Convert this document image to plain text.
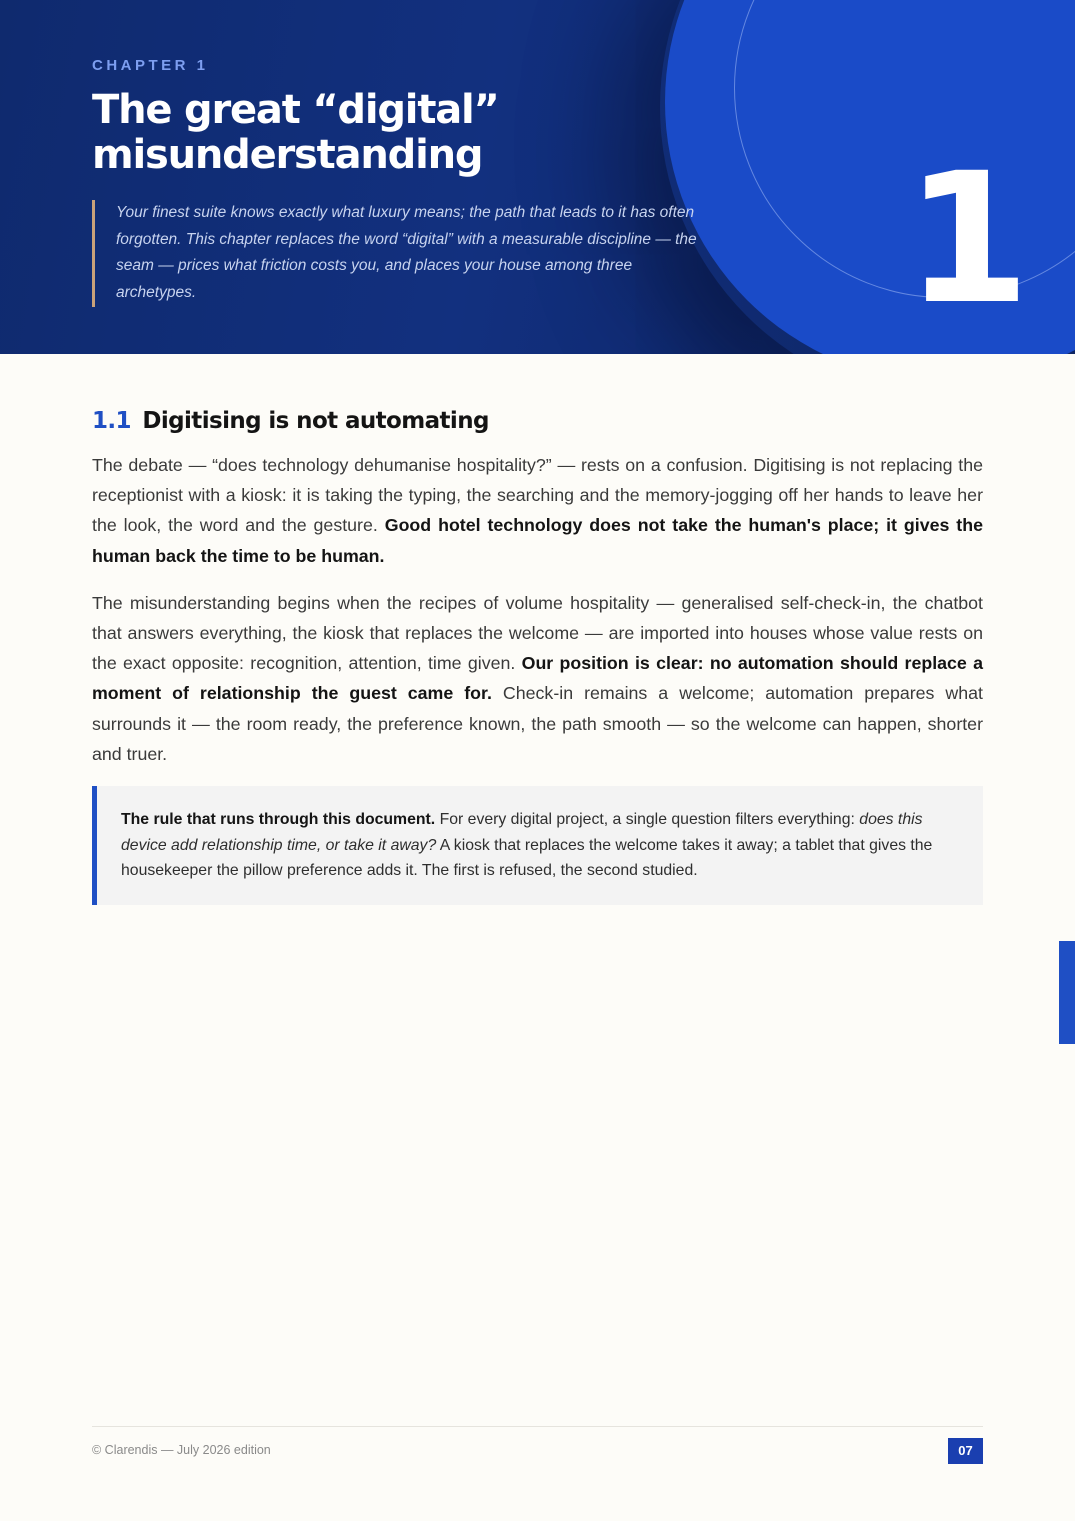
CHAPTER 1
The great “digital” misunderstanding

Your finest suite knows exactly what luxury means; the path that leads to it has often forgotten. This chapter replaces the word “digital” with a measurable discipline — the seam — prices what friction costs you, and places your house among three archetypes.	1
1.1 Digitising is not automating

The debate — “does technology dehumanise hospitality?” — rests on a confusion. Digitising is not replacing the receptionist with a kiosk: it is taking the typing, the searching and the memory-jogging off her hands to leave her the look, the word and the gesture. Good hotel technology does not take the human's place; it gives the human back the time to be human.

The misunderstanding begins when the recipes of volume hospitality — generalised self-check-in, the chatbot that answers everything, the kiosk that replaces the welcome — are imported into houses whose value rests on the exact opposite: recognition, attention, time given. Our position is clear: no automation should replace a moment of relationship the guest came for. Check-in remains a welcome; automation prepares what surrounds it — the room ready, the preference known, the path smooth — so the welcome can happen, shorter and truer.

The rule that runs through this document. For every digital project, a single question filters everything: does this device add relationship time, or take it away? A kiosk that replaces the welcome takes it away; a tablet that gives the housekeeper the pillow preference adds it. The first is refused, the second studied.
© Clarendis — July 2026 edition	07
